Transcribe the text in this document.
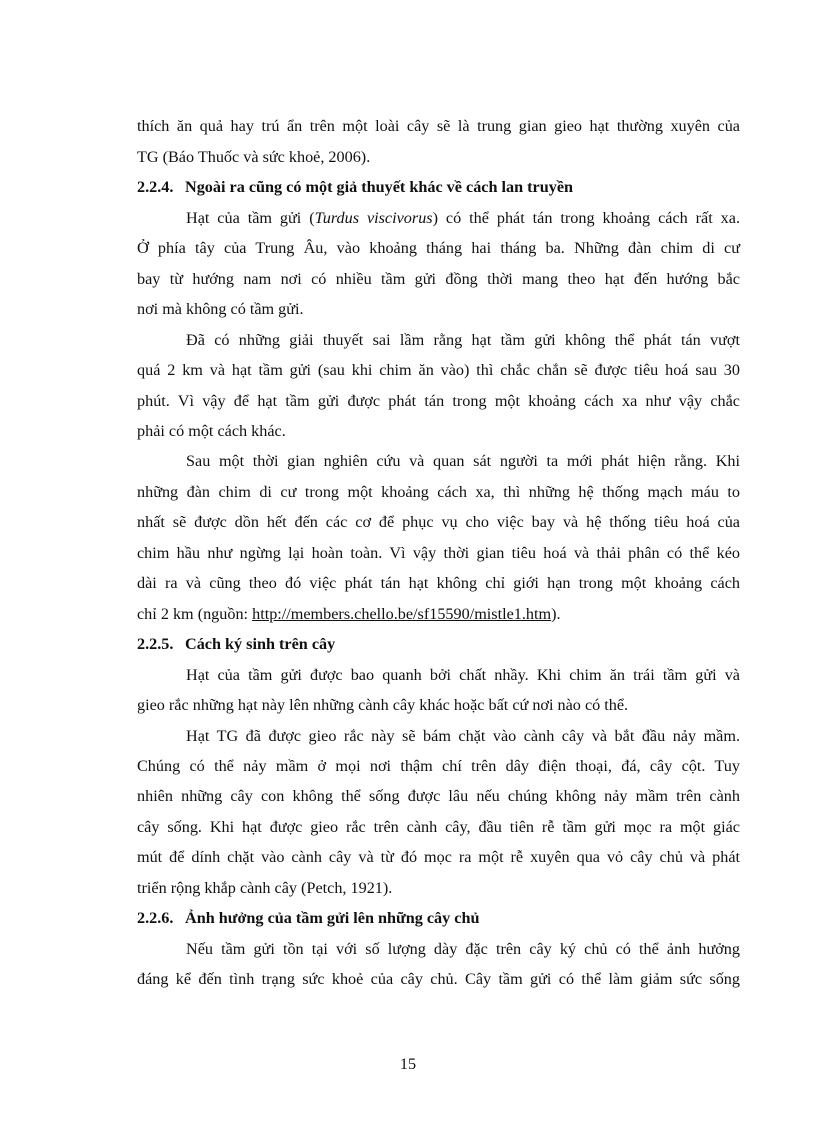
thích ăn quả hay trú ẩn trên một loài cây sẽ là trung gian gieo hạt thường xuyên của
TG (Báo Thuốc và sức khoẻ, 2006).
2.2.4. Ngoài ra cũng có một giả thuyết khác về cách lan truyền
Hạt của tầm gửi (Turdus viscivorus) có thể phát tán trong khoảng cách rất xa.
Ở phía tây của Trung Âu, vào khoảng tháng hai tháng ba. Những đàn chim di cư
bay từ hướng nam nơi có nhiều tầm gửi đồng thời mang theo hạt đến hướng bắc
nơi mà không có tầm gửi.
Đã có những giải thuyết sai lầm rằng hạt tầm gửi không thể phát tán vượt
quá 2 km và hạt tầm gửi (sau khi chim ăn vào) thì chắc chắn sẽ được tiêu hoá sau 30
phút. Vì vậy để hạt tầm gửi được phát tán trong một khoảng cách xa như vậy chắc
phải có một cách khác.
Sau một thời gian nghiên cứu và quan sát người ta mới phát hiện rằng. Khi
những đàn chim di cư trong một khoảng cách xa, thì những hệ thống mạch máu to
nhất sẽ được dồn hết đến các cơ để phục vụ cho việc bay và hệ thống tiêu hoá của
chim hầu như ngừng lại hoàn toàn. Vì vậy thời gian tiêu hoá và thải phân có thể kéo
dài ra và cũng theo đó việc phát tán hạt không chỉ giới hạn trong một khoảng cách
chỉ 2 km (nguồn: http://members.chello.be/sf15590/mistle1.htm).
2.2.5. Cách ký sinh trên cây
Hạt của tầm gửi được bao quanh bởi chất nhầy. Khi chim ăn trái tầm gửi và
gieo rắc những hạt này lên những cành cây khác hoặc bất cứ nơi nào có thể.
Hạt TG đã được gieo rắc này sẽ bám chặt vào cành cây và bắt đầu nảy mầm.
Chúng có thể nảy mầm ở mọi nơi thậm chí trên dây điện thoại, đá, cây cột. Tuy
nhiên những cây con không thể sống được lâu nếu chúng không nảy mầm trên cành
cây sống. Khi hạt được gieo rắc trên cành cây, đầu tiên rễ tầm gửi mọc ra một giác
mút để dính chặt vào cành cây và từ đó mọc ra một rễ xuyên qua vỏ cây chủ và phát
triển rộng khắp cành cây (Petch, 1921).
2.2.6. Ảnh hưởng của tầm gửi lên những cây chủ
Nếu tầm gửi tồn tại với số lượng dày đặc trên cây ký chủ có thể ảnh hưởng
đáng kể đến tình trạng sức khoẻ của cây chủ. Cây tầm gửi có thể làm giảm sức sống
15
